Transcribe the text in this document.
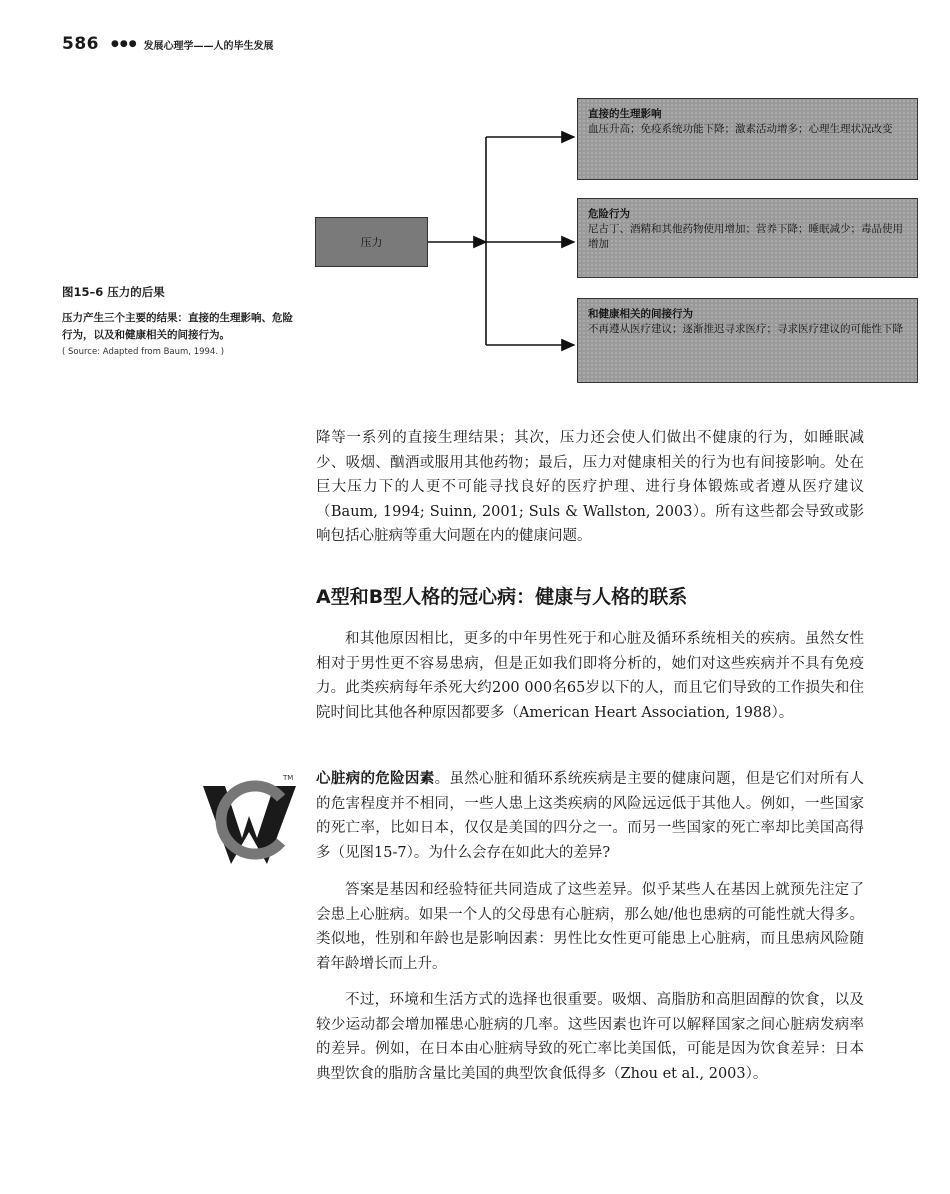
586 ●●● 发展心理学——人的毕生发展
压力
直接的生理影响
血压升高；免疫系统功能下降；激素活动增多；心理生理状况改变
危险行为
尼古丁、酒精和其他药物使用增加；营养下降；睡眠减少；毒品使用增加
和健康相关的间接行为
不再遵从医疗建议；逐渐推迟寻求医疗；寻求医疗建议的可能性下降
图15–6 压力的后果
压力产生三个主要的结果：直接的生理影响、危险行为，以及和健康相关的间接行为。
( Source: Adapted from Baum, 1994. )

降等一系列的直接生理结果；其次，压力还会使人们做出不健康的行为，如睡眠减少、吸烟、酗酒或服用其他药物；最后，压力对健康相关的行为也有间接影响。处在巨大压力下的人更不可能寻找良好的医疗护理、进行身体锻炼或者遵从医疗建议（Baum, 1994; Suinn, 2001; Suls & Wallston, 2003）。所有这些都会导致或影响包括心脏病等重大问题在内的健康问题。

A型和B型人格的冠心病：健康与人格的联系

和其他原因相比，更多的中年男性死于和心脏及循环系统相关的疾病。虽然女性相对于男性更不容易患病，但是正如我们即将分析的，她们对这些疾病并不具有免疫力。此类疾病每年杀死大约200 000名65岁以下的人，而且它们导致的工作损失和住院时间比其他各种原因都要多（American Heart Association, 1988）。

心脏病的危险因素。虽然心脏和循环系统疾病是主要的健康问题，但是它们对所有人的危害程度并不相同，一些人患上这类疾病的风险远远低于其他人。例如，一些国家的死亡率，比如日本，仅仅是美国的四分之一。而另一些国家的死亡率却比美国高得多（见图15-7）。为什么会存在如此大的差异?

答案是基因和经验特征共同造成了这些差异。似乎某些人在基因上就预先注定了会患上心脏病。如果一个人的父母患有心脏病，那么她/他也患病的可能性就大得多。类似地，性别和年龄也是影响因素：男性比女性更可能患上心脏病，而且患病风险随着年龄增长而上升。

不过，环境和生活方式的选择也很重要。吸烟、高脂肪和高胆固醇的饮食，以及较少运动都会增加罹患心脏病的几率。这些因素也许可以解释国家之间心脏病发病率的差异。例如，在日本由心脏病导致的死亡率比美国低，可能是因为饮食差异：日本典型饮食的脂肪含量比美国的典型饮食低得多（Zhou et al., 2003）。

TM
